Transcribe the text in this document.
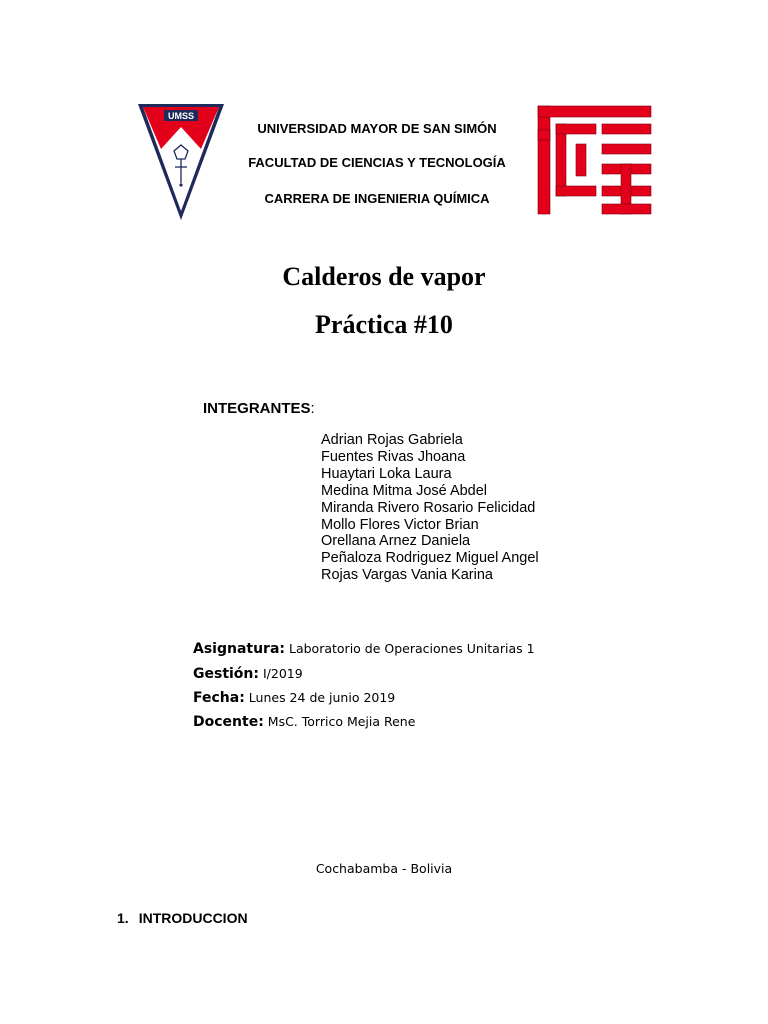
UMSS
UNIVERSIDAD MAYOR DE SAN SIMÓN
FACULTAD DE CIENCIAS Y TECNOLOGÍA
CARRERA DE INGENIERIA QUÍMICA
Calderos de vapor
Práctica #10
INTEGRANTES:
Adrian Rojas Gabriela
Fuentes Rivas Jhoana
Huaytari Loka Laura
Medina Mitma José Abdel
Miranda Rivero Rosario Felicidad
Mollo Flores Victor Brian
Orellana Arnez Daniela
Peñaloza Rodriguez Miguel Angel
Rojas Vargas Vania Karina
Asignatura: Laboratorio de Operaciones Unitarias 1
Gestión: I/2019
Fecha: Lunes 24 de junio 2019
Docente: MsC. Torrico Mejia Rene
Cochabamba - Bolivia
1. INTRODUCCION
